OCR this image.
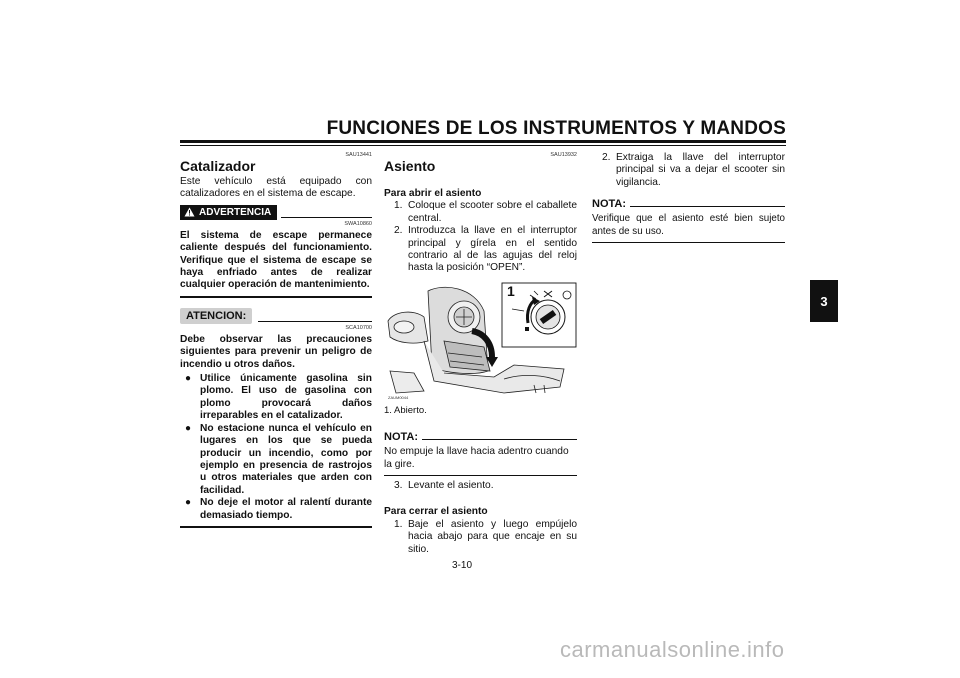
FUNCIONES DE LOS INSTRUMENTOS Y MANDOS
3
SAU13441
Catalizador
Este vehículo está equipado con catalizadores en el sistema de escape.
ADVERTENCIA
SWA10860
El sistema de escape permanece caliente después del funcionamiento. Verifique que el sistema de escape se haya enfriado antes de realizar cualquier operación de mantenimiento.
ATENCION:
SCA10700
Debe observar las precauciones siguientes para prevenir un peligro de incendio u otros daños.
● Utilice únicamente gasolina sin plomo. El uso de gasolina con plomo provocará daños irreparables en el catalizador.
● No estacione nunca el vehículo en lugares en los que se pueda producir un incendio, como por ejemplo en presencia de rastrojos u otros materiales que arden con facilidad.
● No deje el motor al ralentí durante demasiado tiempo.
SAU13932
Asiento
Para abrir el asiento
1. Coloque el scooter sobre el caballete central.
2. Introduzca la llave en el interruptor principal y gírela en el sentido contrario al de las agujas del reloj hasta la posición “OPEN”.
1
ZAUM0044
1. Abierto.
NOTA:
No empuje la llave hacia adentro cuando la gire.
3. Levante el asiento.
Para cerrar el asiento
1. Baje el asiento y luego empújelo hacia abajo para que encaje en su sitio.
2. Extraiga la llave del interruptor principal si va a dejar el scooter sin vigilancia.
NOTA:
Verifique que el asiento esté bien sujeto antes de su uso.
3-10
carmanualsonline.info
